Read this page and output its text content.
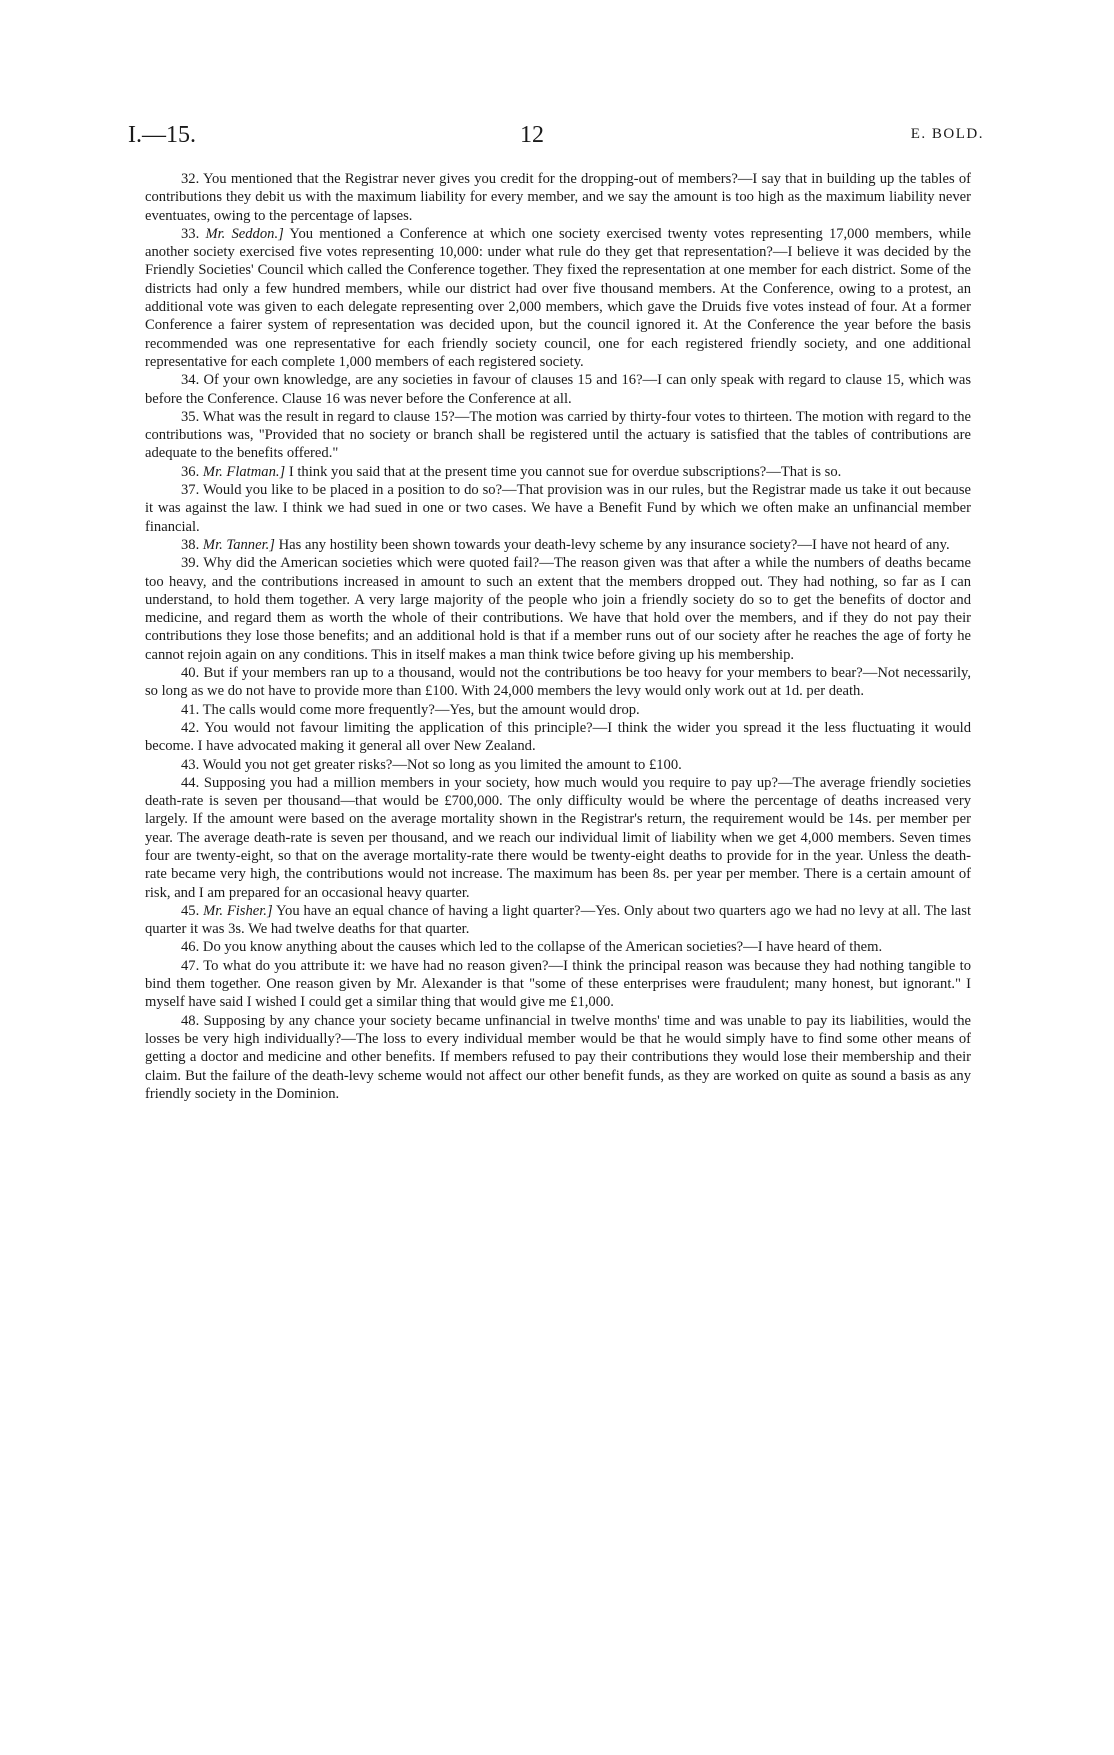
I.—15.	12	E. BOLD.

32. You mentioned that the Registrar never gives you credit for the dropping-out of members?—I say that in building up the tables of contributions they debit us with the maximum liability for every member, and we say the amount is too high as the maximum liability never eventuates, owing to the percentage of lapses.

33. Mr. Seddon.] You mentioned a Conference at which one society exercised twenty votes representing 17,000 members, while another society exercised five votes representing 10,000: under what rule do they get that representation?—I believe it was decided by the Friendly Societies' Council which called the Conference together. They fixed the representation at one member for each district. Some of the districts had only a few hundred members, while our district had over five thousand members. At the Conference, owing to a protest, an additional vote was given to each delegate representing over 2,000 members, which gave the Druids five votes instead of four. At a former Conference a fairer system of representation was decided upon, but the council ignored it. At the Conference the year before the basis recommended was one representative for each friendly society council, one for each registered friendly society, and one additional representative for each complete 1,000 members of each registered society.

34. Of your own knowledge, are any societies in favour of clauses 15 and 16?—I can only speak with regard to clause 15, which was before the Conference. Clause 16 was never before the Conference at all.

35. What was the result in regard to clause 15?—The motion was carried by thirty-four votes to thirteen. The motion with regard to the contributions was, "Provided that no society or branch shall be registered until the actuary is satisfied that the tables of contributions are adequate to the benefits offered."

36. Mr. Flatman.] I think you said that at the present time you cannot sue for overdue subscriptions?—That is so.

37. Would you like to be placed in a position to do so?—That provision was in our rules, but the Registrar made us take it out because it was against the law. I think we had sued in one or two cases. We have a Benefit Fund by which we often make an unfinancial member financial.

38. Mr. Tanner.] Has any hostility been shown towards your death-levy scheme by any insurance society?—I have not heard of any.

39. Why did the American societies which were quoted fail?—The reason given was that after a while the numbers of deaths became too heavy, and the contributions increased in amount to such an extent that the members dropped out. They had nothing, so far as I can understand, to hold them together. A very large majority of the people who join a friendly society do so to get the benefits of doctor and medicine, and regard them as worth the whole of their contributions. We have that hold over the members, and if they do not pay their contributions they lose those benefits; and an additional hold is that if a member runs out of our society after he reaches the age of forty he cannot rejoin again on any conditions. This in itself makes a man think twice before giving up his membership.

40. But if your members ran up to a thousand, would not the contributions be too heavy for your members to bear?—Not necessarily, so long as we do not have to provide more than £100. With 24,000 members the levy would only work out at 1d. per death.

41. The calls would come more frequently?—Yes, but the amount would drop.

42. You would not favour limiting the application of this principle?—I think the wider you spread it the less fluctuating it would become. I have advocated making it general all over New Zealand.

43. Would you not get greater risks?—Not so long as you limited the amount to £100.

44. Supposing you had a million members in your society, how much would you require to pay up?—The average friendly societies death-rate is seven per thousand—that would be £700,000. The only difficulty would be where the percentage of deaths increased very largely. If the amount were based on the average mortality shown in the Registrar's return, the requirement would be 14s. per member per year. The average death-rate is seven per thousand, and we reach our individual limit of liability when we get 4,000 members. Seven times four are twenty-eight, so that on the average mortality-rate there would be twenty-eight deaths to provide for in the year. Unless the death-rate became very high, the contributions would not increase. The maximum has been 8s. per year per member. There is a certain amount of risk, and I am prepared for an occasional heavy quarter.

45. Mr. Fisher.] You have an equal chance of having a light quarter?—Yes. Only about two quarters ago we had no levy at all. The last quarter it was 3s. We had twelve deaths for that quarter.

46. Do you know anything about the causes which led to the collapse of the American societies?—I have heard of them.

47. To what do you attribute it: we have had no reason given?—I think the principal reason was because they had nothing tangible to bind them together. One reason given by Mr. Alexander is that "some of these enterprises were fraudulent; many honest, but ignorant." I myself have said I wished I could get a similar thing that would give me £1,000.

48. Supposing by any chance your society became unfinancial in twelve months' time and was unable to pay its liabilities, would the losses be very high individually?—The loss to every individual member would be that he would simply have to find some other means of getting a doctor and medicine and other benefits. If members refused to pay their contributions they would lose their membership and their claim. But the failure of the death-levy scheme would not affect our other benefit funds, as they are worked on quite as sound a basis as any friendly society in the Dominion.
